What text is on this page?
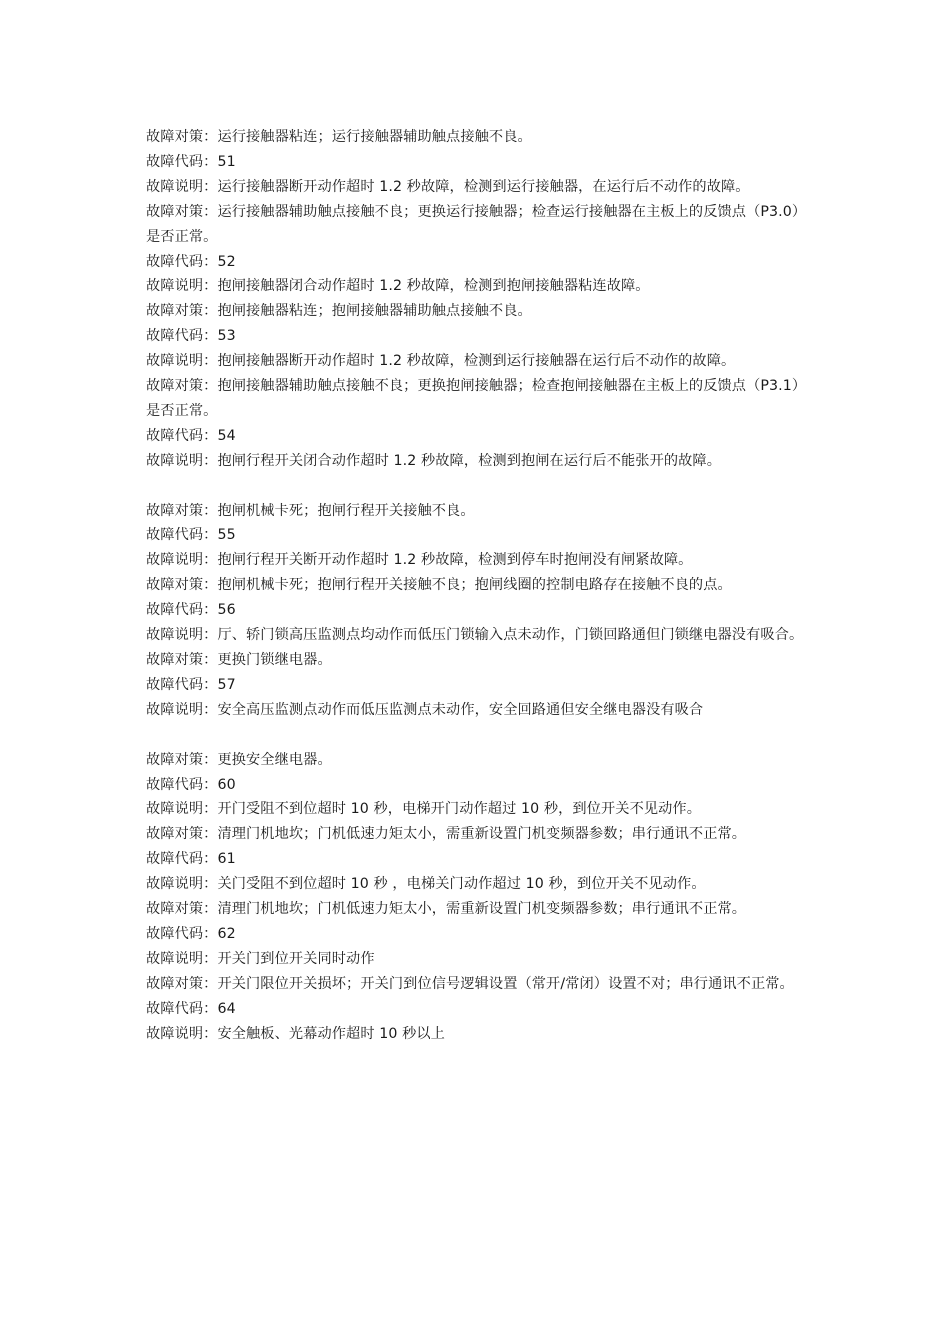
故障对策：运行接触器粘连；运行接触器辅助触点接触不良。

故障代码：51

故障说明：运行接触器断开动作超时 1.2 秒故障，检测到运行接触器，在运行后不动作的故障。

故障对策：运行接触器辅助触点接触不良；更换运行接触器；检查运行接触器在主板上的反馈点（P3.0）是否正常。

故障代码：52

故障说明：抱闸接触器闭合动作超时 1.2 秒故障，检测到抱闸接触器粘连故障。

故障对策：抱闸接触器粘连；抱闸接触器辅助触点接触不良。

故障代码：53

故障说明：抱闸接触器断开动作超时 1.2 秒故障，检测到运行接触器在运行后不动作的故障。

故障对策：抱闸接触器辅助触点接触不良；更换抱闸接触器；检查抱闸接触器在主板上的反馈点（P3.1）是否正常。

故障代码：54

故障说明：抱闸行程开关闭合动作超时 1.2 秒故障，检测到抱闸在运行后不能张开的故障。

故障对策：抱闸机械卡死；抱闸行程开关接触不良。

故障代码：55

故障说明：抱闸行程开关断开动作超时 1.2 秒故障，检测到停车时抱闸没有闸紧故障。

故障对策：抱闸机械卡死；抱闸行程开关接触不良；抱闸线圈的控制电路存在接触不良的点。

故障代码：56

故障说明：厅、轿门锁高压监测点均动作而低压门锁输入点未动作，门锁回路通但门锁继电器没有吸合。

故障对策：更换门锁继电器。

故障代码：57

故障说明：安全高压监测点动作而低压监测点未动作，安全回路通但安全继电器没有吸合

故障对策：更换安全继电器。

故障代码：60

故障说明：开门受阻不到位超时 10 秒，电梯开门动作超过 10 秒，到位开关不见动作。

故障对策：清理门机地坎；门机低速力矩太小，需重新设置门机变频器参数；串行通讯不正常。

故障代码：61

故障说明：关门受阻不到位超时 10 秒 ，电梯关门动作超过 10 秒，到位开关不见动作。

故障对策：清理门机地坎；门机低速力矩太小，需重新设置门机变频器参数；串行通讯不正常。

故障代码：62

故障说明：开关门到位开关同时动作

故障对策：开关门限位开关损坏；开关门到位信号逻辑设置（常开/常闭）设置不对；串行通讯不正常。

故障代码：64

故障说明：安全触板、光幕动作超时 10 秒以上
